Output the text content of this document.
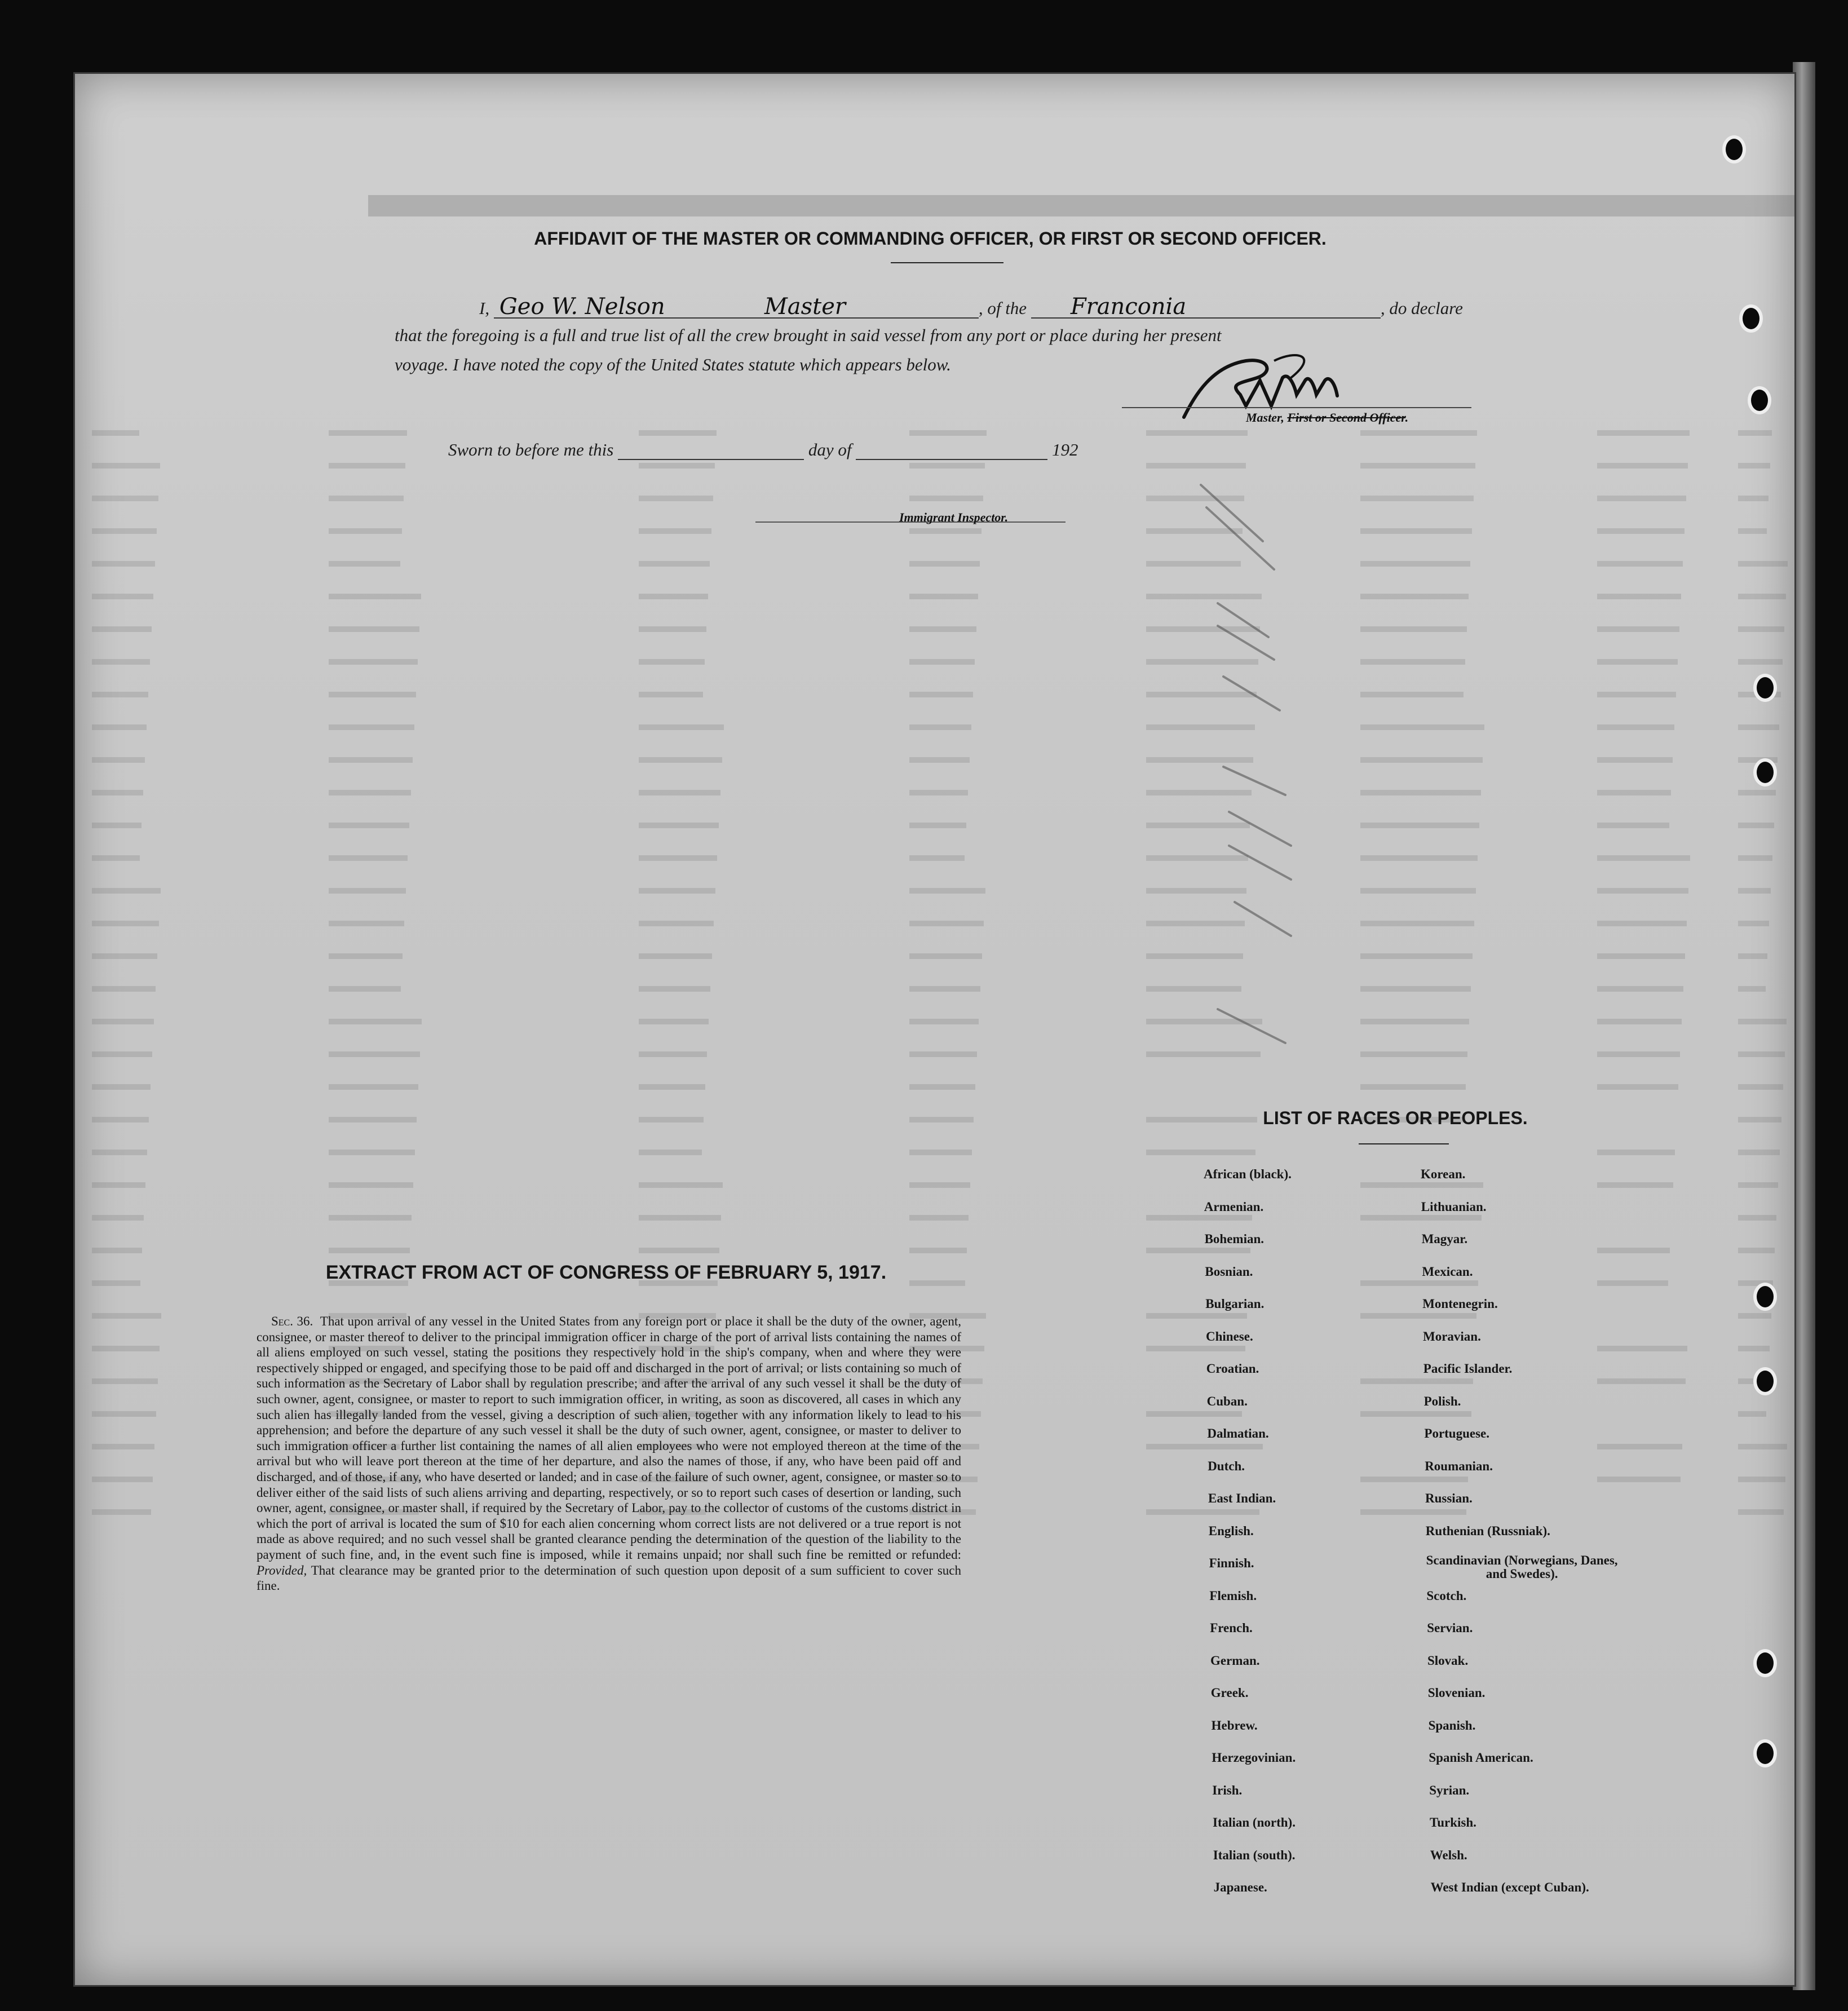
AFFIDAVIT OF THE MASTER OR COMMANDING OFFICER, OR FIRST OR SECOND OFFICER.
I, Geo W. Nelson	Master	, of the Franconia	, do declare
that the foregoing is a full and true list of all the crew brought in said vessel from any port or place during her present
voyage. I have noted the copy of the United States statute which appears below.
Master, First or Second Officer.
Sworn to before me this	day of	192
Immigrant Inspector.
EXTRACT FROM ACT OF CONGRESS OF FEBRUARY 5, 1917.
Sec. 36. That upon arrival of any vessel in the United States from any foreign port or place it shall be the duty of the owner, agent, consignee, or master thereof to deliver to the principal immigration officer in charge of the port of arrival lists containing the names of all aliens employed on such vessel, stating the positions they respectively hold in the ship's company, when and where they were respectively shipped or engaged, and specifying those to be paid off and discharged in the port of arrival; or lists containing so much of such information as the Secretary of Labor shall by regulation prescribe; and after the arrival of any such vessel it shall be the duty of such owner, agent, consignee, or master to report to such immigration officer, in writing, as soon as discovered, all cases in which any such alien has illegally landed from the vessel, giving a description of such alien, together with any information likely to lead to his apprehension; and before the departure of any such vessel it shall be the duty of such owner, agent, consignee, or master to deliver to such immigration officer a further list containing the names of all alien employees who were not employed thereon at the time of the arrival but who will leave port thereon at the time of her departure, and also the names of those, if any, who have been paid off and discharged, and of those, if any, who have deserted or landed; and in case of the failure of such owner, agent, consignee, or master so to deliver either of the said lists of such aliens arriving and departing, respectively, or so to report such cases of desertion or landing, such owner, agent, consignee, or master shall, if required by the Secretary of Labor, pay to the collector of customs of the customs district in which the port of arrival is located the sum of $10 for each alien concerning whom correct lists are not delivered or a true report is not made as above required; and no such vessel shall be granted clearance pending the determination of the question of the liability to the payment of such fine, and, in the event such fine is imposed, while it remains unpaid; nor shall such fine be remitted or refunded: Provided, That clearance may be granted prior to the determination of such question upon deposit of a sum sufficient to cover such fine.
LIST OF RACES OR PEOPLES.
African (black).
Armenian.
Bohemian.
Bosnian.
Bulgarian.
Chinese.
Croatian.
Cuban.
Dalmatian.
Dutch.
East Indian.
English.
Finnish.
Flemish.
French.
German.
Greek.
Hebrew.
Herzegovinian.
Irish.
Italian (north).
Italian (south).
Japanese.
Korean.
Lithuanian.
Magyar.
Mexican.
Montenegrin.
Moravian.
Pacific Islander.
Polish.
Portuguese.
Roumanian.
Russian.
Ruthenian (Russniak).
Scandinavian (Norwegians, Danes, and Swedes).
Scotch.
Servian.
Slovak.
Slovenian.
Spanish.
Spanish American.
Syrian.
Turkish.
Welsh.
West Indian (except Cuban).
